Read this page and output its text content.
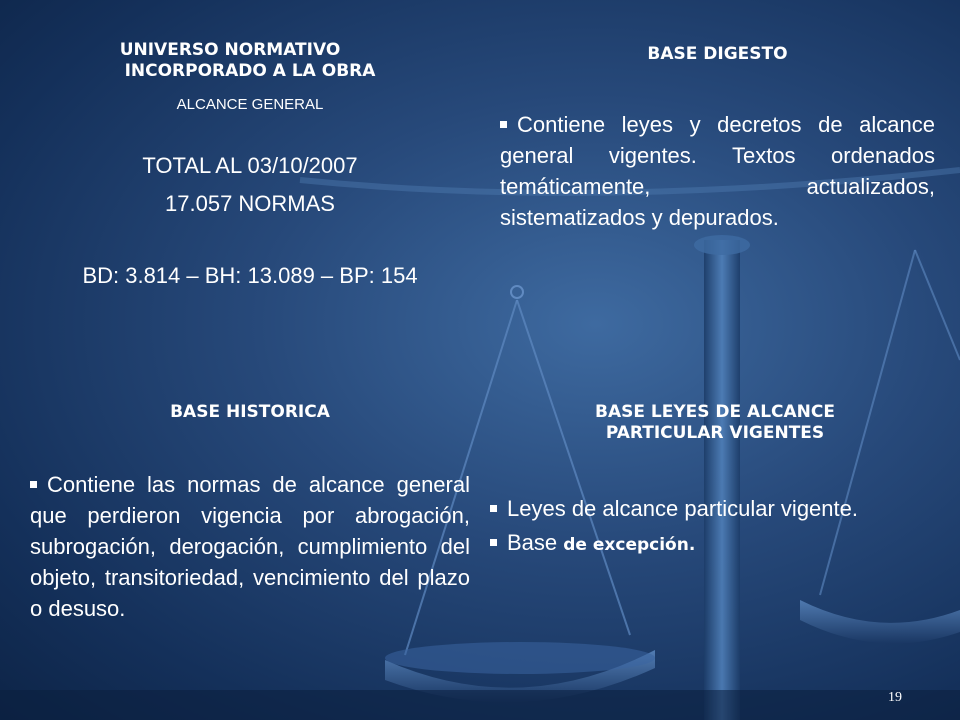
UNIVERSO NORMATIVO

INCORPORADO A LA OBRA

ALCANCE GENERAL

TOTAL AL 03/10/2007

17.057 NORMAS

BD: 3.814 – BH: 13.089 – BP: 154

BASE DIGESTO

Contiene leyes y decretos de alcance general vigentes. Textos ordenados temáticamente, actualizados, sistematizados y depurados.

BASE HISTORICA

Contiene las normas de alcance general que perdieron vigencia por abrogación, subrogación, derogación, cumplimiento del objeto, transitoriedad, vencimiento del plazo o desuso.

BASE LEYES DE ALCANCE

PARTICULAR VIGENTES

Leyes de alcance particular vigente.

Base de excepción.

19
